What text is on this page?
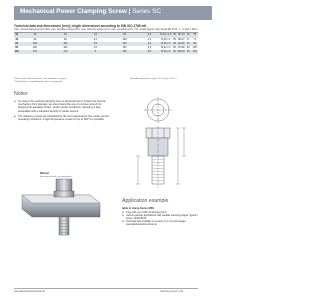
Mechanical Power Clamping Screw | Series SC
Technical data and dimensions [mm]; length dimensions according to DIN ISO 2768 mK
Size	nominal clamping force [kN]	max. actuation torque [Nm]	max. clamping stroke [mm]	max. operating temp. [°C]	weight approx. [kg]	thread Ød	Ø d1	L	L1	Ref 1	Ref 2
30	30	15	1,5	60	0,3	M 20 x 1,5	40	80	13	19	55
40	60	60	2,2	100	1,3	M 30 x 2	55	100	17	17	71
60	100	100	2,5	110	2,2	M 36 x 2	60	110	22	23	90
80	160	160	2,5	130	3,5	M 42 x 3	80	170	28	28	106
100	170	170	3	140	5,5	M 48 x 3	90	200	33	35	125
*further sizes and threads (incl. fine) available on request	allowable temperature range: -20 °C up to +120 °C
**through bores: standard grade, sizes as requested
Notes
➤ To ensure the required clamping force is achieved and to protect the internal mechanism from damage, we recommend the use of a torque wrench for applying the actuation torque. Under certain conditions, clamping is also acceptable with a standard wrench or socket wrench.
➤ The clamping screws are lubricated for life and maintenance-free under normal operating conditions. A high temperature version of up to 400°C is possible.
Material:
heat treated steel, zinc galvanized
Application example
table in clamp Series MSS
➤ Uses with up to 180 kN clamping force
➤ various possible applications with variable clamping stages* ignition screw: 14/22/26/32
➤ Technical data available on request or on our homepage: www.jakobantriebstechnik.de
www.jakobantriebstechnik.de	clamping screws 1.10
